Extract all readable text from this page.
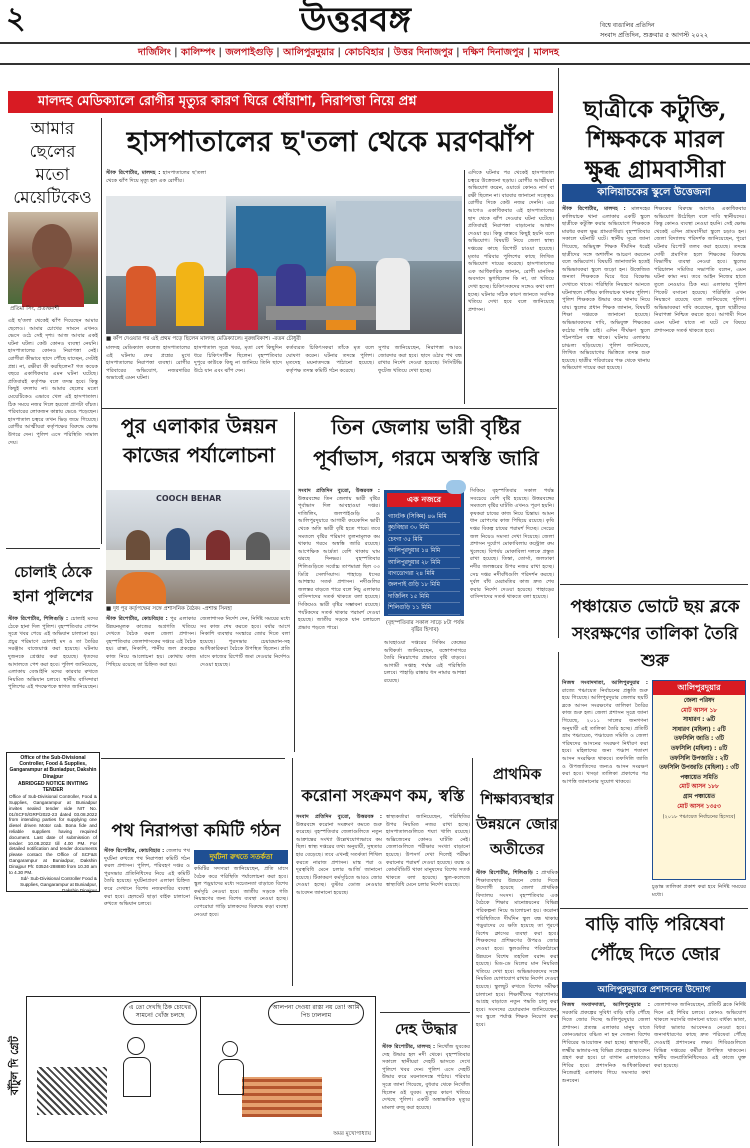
২	উত্তরবঙ্গ	বিশ্বে বাঙালির প্রতিদিন
সংবাদ প্রতিদিন, শুক্রবার ৫ আগস্ট ২০২২
দার্জিলিং | কালিম্পং | জলপাইগুড়ি | আলিপুরদুয়ার | কোচবিহার | উত্তর দিনাজপুর | দক্ষিণ দিনাজপুর | মালদহ
মালদহ মেডিক্যালে রোগীর মৃত্যুর কারণ ঘিরে ধোঁয়াশা, নিরাপত্তা নিয়ে প্রশ্ন	ছাত্রীকে কটুক্তি, শিক্ষককে মারল ক্ষুব্ধ গ্রামবাসীরা
কালিয়াচকের স্কুলে উত্তেজনা
স্টাফ রিপোর্টার, মালদহ : মালদহের কালিয়াচক থানা এলাকার একটি স্কুলে ছাত্রীকে কটুক্তি করার অভিযোগে শিক্ষককে মারধর করল ক্ষুব্ধ গ্রামবাসীরা। বৃহস্পতিবার সকালে ঘটনাটি ঘটে। স্থানীয় সূত্রে জানা গিয়েছে, অভিযুক্ত শিক্ষক দীর্ঘদিন ধরেই ছাত্রীদের সঙ্গে অশালীন আচরণ করতেন বলে অভিযোগ। বিষয়টি জানাজানি হতেই অভিভাবকরা স্কুলে জড়ো হন। উত্তেজিত জনতা শিক্ষককে ঘিরে ধরে বিক্ষোভ দেখাতে থাকে। পরিস্থিতি নিয়ন্ত্রণে আনতে ঘটনাস্থলে পৌঁছয় কালিয়াচক থানার পুলিশ। পুলিশ শিক্ষককে উদ্ধার করে থানায় নিয়ে যায়। স্কুলের প্রধান শিক্ষক জানান, বিষয়টি শিক্ষা দপ্তরকে জানানো হয়েছে। অভিভাবকদের দাবি, অভিযুক্ত শিক্ষকের কঠোর শাস্তি চাই। এদিন দীর্ঘক্ষণ স্কুলে পঠনপাঠন বন্ধ থাকে। ঘটনায় এলাকায় চাঞ্চল্য ছড়িয়েছে। পুলিশ জানিয়েছে, লিখিত অভিযোগের ভিত্তিতে তদন্ত শুরু হয়েছে। ছাত্রীর পরিবারের পক্ষ থেকে থানায় অভিযোগ দায়ের করা হয়েছে।
শিক্ষকের বিরুদ্ধে আগেও একাধিকবার অভিযোগ উঠেছিল বলে দাবি স্থানীয়দের। কিন্তু কোনও ব্যবস্থা নেওয়া হয়নি। সেই ক্ষোভ থেকেই এদিন গ্রামবাসীরা স্কুলে চড়াও হন। জেলা বিদ্যালয় পরিদর্শক জানিয়েছেন, পুরো ঘটনার রিপোর্ট তলব করা হয়েছে। তদন্তে দোষী প্রমাণিত হলে শিক্ষকের বিরুদ্ধে বিভাগীয় ব্যবস্থা নেওয়া হবে। স্কুলের পরিচালন সমিতির সভাপতি বলেন, এমন ঘটনা কাম্য নয়। তবে আইন নিজের হাতে তুলে নেওয়াও ঠিক নয়। এলাকায় পুলিশ পিকেট বসানো হয়েছে। পরিস্থিতি এখন নিয়ন্ত্রণে রয়েছে বলে জানিয়েছে পুলিশ। অভিভাবকরা দাবি করেছেন, স্কুলে ছাত্রীদের নিরাপত্তা নিশ্চিত করতে হবে। আগামী দিনে এমন ঘটনা যাতে না ঘটে সে বিষয়ে প্রশাসনকে সতর্ক থাকতে হবে।
আমার ছেলের মতো মেয়েটিকেও
প্রতিমা সিং, প্রত্যক্ষদর্শী
এই ছ'তলা থেকেই ঝাঁপ দিয়েছেন আমার ছেলেও। আমার চোখের সামনে এখনও ভেসে ওঠে সেই দৃশ্য। আজ আবার একই ঘটনা ঘটল। কেউ কোনও ব্যবস্থা নেয়নি। হাসপাতালের কোনও নিরাপত্তা নেই। রোগীরা কীভাবে ছাদে পৌঁছে যাচ্ছেন, সেটাই প্রশ্ন। না, রক্ষীরা কী করছিলেন? গত কয়েক বছরে একাধিকবার এমন ঘটনা ঘটেছে। প্রতিবারই কর্তৃপক্ষ বলে তদন্ত হবে। কিন্তু কিছুই বদলায় না। আমার ছেলের মতো মেয়েটিকেও এভাবে খেল এই হাসপাতাল। ঠিক সময়ে নজর দিলে হয়তো প্রাণটা বাঁচত। পরিবারের লোকজন কান্নায় ভেঙে পড়েছেন। হাসপাতাল চত্বরে তখন ভিড় জমে গিয়েছে। রোগীর আত্মীয়রা কর্তৃপক্ষের বিরুদ্ধে ক্ষোভ উগরে দেন। পুলিশ এসে পরিস্থিতি সামাল দেয়।
হাসপাতালের ছ'তলা থেকে মরণঝাঁপ
স্টাফ রিপোর্টার, মালদহ : হাসপাতালের ছ'তলা থেকে ঝাঁপ দিয়ে মৃত্যু হল এক রোগীর।
■ কাঁপ দেওয়ার পর এই প্রথম পড়ে ছিলেন মালদহ মেডিক্যালে। নুরুন্নবিকাশ। -রতন চৌধুরী
মালদহ মেডিক্যাল কলেজ হাসপাতালের এই ঘটনায় ফের প্রশ্নের মুখে হাসপাতালের নিরাপত্তা ব্যবস্থা। রোগীর পরিবারের অভিযোগ, নজরদারির অভাবেই এমন ঘটনা।
হাসপাতাল সূত্রে খবর, মৃতা বেশ কিছুদিন ধরে চিকিৎসাধীন ছিলেন। বৃহস্পতিবার দুপুরে কাউকে কিছু না জানিয়ে তিনি ছাদে উঠে যান এবং ঝাঁপ দেন।
কর্তব্যরত চিকিৎসকরা তাঁকে মৃত বলে ঘোষণা করেন। ঘটনার তদন্তে পুলিশ। মৃতদেহ ময়নাতদন্তে পাঠানো হয়েছে। কর্তৃপক্ষ তদন্ত কমিটি গঠন করেছে।
সুপার জানিয়েছেন, নিরাপত্তা আরও জোরদার করা হবে। ছাদে ওঠার পথ বন্ধ রাখার নির্দেশ দেওয়া হয়েছে। সিসিটিভি ফুটেজ খতিয়ে দেখা হচ্ছে।
এদিকে ঘটনার পর থেকেই হাসপাতাল চত্বরে উত্তেজনা ছড়ায়। রোগীর আত্মীয়রা অভিযোগ করেন, ওয়ার্ডে কোনও নার্স বা রক্ষী ছিলেন না। বারবার জানানো সত্ত্বেও রোগীর দিকে কেউ নজর দেননি। এর আগেও একাধিকবার এই হাসপাতালের ছাদ থেকে ঝাঁপ দেওয়ার ঘটনা ঘটেছে। প্রতিবারই নিরাপত্তা বাড়ানোর আশ্বাস দেওয়া হয়। কিন্তু বাস্তবে কিছুই হয়নি বলে অভিযোগ। বিষয়টি নিয়ে জেলা স্বাস্থ্য দপ্তরের কাছে রিপোর্ট চাওয়া হয়েছে। মৃতার পরিবার পুলিশের কাছে লিখিত অভিযোগ দায়ের করেছে। হাসপাতালের এক আধিকারিক জানান, রোগী মানসিক অবসাদে ভুগছিলেন কি না, তা খতিয়ে দেখা হচ্ছে। চিকিৎসকদের সঙ্গেও কথা বলা হচ্ছে। ঘটনার সঠিক কারণ জানতে সবদিক খতিয়ে দেখা হবে বলে জানিয়েছে প্রশাসন।
পুর এলাকার উন্নয়ন কাজের পর্যালোচনা
COOCH BEHAR
■ দুধ পুর কর্তৃপক্ষের সঙ্গে প্রশাসনিক বৈঠক। -প্রশান্ত সিনহা
স্টাফ রিপোর্টার, কোচবিহার : পুর এলাকার উন্নয়নমূলক কাজের অগ্রগতি খতিয়ে দেখতে বৈঠক করল জেলা প্রশাসন। বৃহস্পতিবার জেলাশাসকের দপ্তরে এই বৈঠক হয়। রাস্তা, নিকাশি, পানীয় জল প্রকল্পের কাজ নিয়ে আলোচনা হয়। কোথায় কাজ পিছিয়ে রয়েছে তা চিহ্নিত করা হয়।
জেলাশাসক নির্দেশ দেন, নির্দিষ্ট সময়ের মধ্যে সব কাজ শেষ করতে হবে। বর্ষার আগে নিকাশি ব্যবস্থার সংস্কারে জোর দিতে বলা হয়েছে। পুরসভার চেয়ারম্যান-সহ আধিকারিকরা বৈঠকে উপস্থিত ছিলেন। প্রতি মাসে কাজের রিপোর্ট জমা দেওয়ার নির্দেশও দেওয়া হয়েছে।
তিন জেলায় ভারী বৃষ্টির পূর্বাভাস, গরমে অস্বস্তি জারি
সংবাদ প্রতিদিন ব্যুরো, উত্তরবঙ্গ : উত্তরবঙ্গের তিন জেলায় ভারী বৃষ্টির পূর্বাভাস দিল আবহাওয়া দপ্তর। দার্জিলিং, জলপাইগুড়ি ও আলিপুরদুয়ারে আগামী কয়েকদিন ভারী থেকে অতি ভারী বৃষ্টি হতে পারে। তবে সমতলে বৃষ্টির পরিমাণ তুলনামূলক কম থাকায় গরমে অস্বস্তি জারি রয়েছে। আপেক্ষিক আর্দ্রতা বেশি থাকায় ঘাম ঝরছে দিনভর। বৃহস্পতিবার শিলিগুড়িতে সর্বোচ্চ তাপমাত্রা ছিল ৩৩ ডিগ্রি সেলসিয়াস। পাহাড়ে ধসের আশঙ্কায় সতর্ক প্রশাসন। নদীগুলির জলস্তর বাড়তে পারে বলে নিচু এলাকার বাসিন্দাদের সতর্ক থাকতে বলা হয়েছে। সিকিমেও ভারী বৃষ্টির সম্ভাবনা রয়েছে। পর্যটকদের সতর্ক থাকার পরামর্শ দেওয়া হয়েছে। জাতীয় সড়কে যান চলাচলে প্রভাব পড়তে পারে।
এক নজরে
গ্যাংটক (সিকিম) ৪৬ মিমি
কুচবিহার ৩০ মিমি
চেংগা ৩৫ মিমি
আলিপুরদুয়ার ১৪ মিমি
আলিপুরদুয়ার ২৮ মিমি
বাগডোগরা ২৪ মিমি
জলপাই গুড়ি ১৮ মিমি
দার্জিলিং ১৫ মিমি
শিলিগুড়ি ১১ মিমি
(বৃহস্পতিবার সকাল সাড়ে ৮টা পর্যন্ত বৃষ্টির হিসাব)
আবহাওয়া দপ্তরের সিকিম কেন্দ্রের অধিকর্তা জানিয়েছেন, বঙ্গোপসাগরে তৈরি নিম্নচাপের প্রভাবে বৃষ্টি বাড়বে। আগামী সপ্তাহ পর্যন্ত এই পরিস্থিতি চলবে। পাহাড়ি রাস্তায় ধস নামার আশঙ্কা রয়েছে।
সিকিমে বৃহস্পতিবার সকাল পর্যন্ত সবচেয়ে বেশি বৃষ্টি হয়েছে। উত্তরবঙ্গের সমতলে বৃষ্টির ঘাটতি এখনও পূরণ হয়নি। কৃষকরা চাষের কাজ নিয়ে চিন্তায়। আমন ধান রোপণের কাজ পিছিয়ে রয়েছে। কৃষি দপ্তর বিকল্প চাষের পরামর্শ দিচ্ছে। সেচের জল নিয়েও সমস্যা দেখা দিয়েছে। জেলা প্রশাসন দুর্যোগ মোকাবিলায় কন্ট্রোল রুম খুলেছে। বিপর্যয় মোকাবিলা দলকে প্রস্তুত রাখা হয়েছে। তিস্তা, তোর্সা, জলঢাকা নদীর জলস্তরের উপর নজর রাখা হচ্ছে। সেচ দপ্তর নদীবাঁধগুলি পরিদর্শন করছে। দুর্বল বাঁধ মেরামতির কাজ দ্রুত শেষ করার নির্দেশ দেওয়া হয়েছে। পাহাড়ের বাসিন্দাদের সতর্ক থাকতে বলা হয়েছে।	পঞ্চায়েত ভোটে ছয় ব্লকে সংরক্ষণের তালিকা তৈরি শুরু
নিজস্ব সংবাদদাতা, আলিপুরদুয়ার : রাজ্যে পঞ্চায়েত নির্বাচনের প্রস্তুতি শুরু হয়ে গিয়েছে। আলিপুরদুয়ার জেলার ছয়টি ব্লকে আসন সংরক্ষণের তালিকা তৈরির কাজ শুরু হল। জেলা প্রশাসন সূত্রে জানা গিয়েছে, ২০১১ সালের জনগণনা অনুযায়ী এই তালিকা তৈরি হচ্ছে। প্রতিটি গ্রাম পঞ্চায়েত, পঞ্চায়েত সমিতি ও জেলা পরিষদের আসনের সংরক্ষণ নির্ধারণ করা হবে। মহিলাদের জন্য পঞ্চাশ শতাংশ আসন সংরক্ষিত থাকবে। তফসিলি জাতি ও উপজাতিদের জন্যও আসন সংরক্ষণ করা হবে। খসড়া তালিকা প্রকাশের পর আপত্তি জানানোর সুযোগ থাকবে।
আলিপুরদুয়ার
জেলা পরিষদ
মোট আসন ১৮
সাধারণ : ৬টি
সাধারণ (মহিলা) : ৫টি
তফসিলি জাতি : ৩টি
তফসিলি (মহিলা) : ৪টি
তফসিলি উপজাতি : ২টি
তফসিলি উপজাতি (মহিলা) : ৩টি
পঞ্চায়েত সমিতি
মোট আসন ১৮৮
গ্রাম পঞ্চায়েত
মোট আসন ১৩৫৩
(২০১৮ পঞ্চায়েত নির্বাচনের হিসেবে)
চূড়ান্ত তালিকা প্রকাশ করা হবে নির্দিষ্ট সময়ের মধ্যে।
চোলাই ঠেকে হানা পুলিশের
স্টাফ রিপোর্টার, শিলিগুড়ি : চোলাই মদের ঠেকে হানা দিল পুলিশ। বৃহস্পতিবার গোপন সূত্রে খবর পেয়ে এই অভিযান চালানো হয়। প্রচুর পরিমাণে চোলাই মদ ও তা তৈরির সরঞ্জাম বাজেয়াপ্ত করা হয়েছে। ঘটনায় দুজনকে গ্রেপ্তার করা হয়েছে। ধৃতদের আদালতে পেশ করা হবে। পুলিশ জানিয়েছে, এলাকায় বেআইনি মদের কারবার রুখতে নিয়মিত অভিযান চলবে। স্থানীয় বাসিন্দারা পুলিশের এই পদক্ষেপকে স্বাগত জানিয়েছেন।
Office of the Sub-Divisional Controller, Food & Supplies, Gangarampur at Buniadpur, Dakshin Dinajpur
ABRIDGED NOTICE INVITING TENDER
Office of Sub-Divisional Controller, Food & Supplies, Gangarampur at Buniadpur invites sealed tender vide NIT No. 01/SCFS/GRP/2022-23 dated 03.08.2022 from intending parties for supplying one diesel driven Motor cab. Bona fide and reliable suppliers having required document. Last date of submission of tender: 10.08.2022 till 4.00 PM. For detailed notification and tender documents please contact the Office of SCF&S Gangarampur at Buniadpur, Dakshin Dinajpur Ph: 03524-288880 from 10.30 am to 4.30 PM.
Sd/- Sub-Divisional Controller Food & Supplies, Gangarampur at Buniadpur, Dakshin Dinajpur
পথ নিরাপত্তা কমিটি গঠন
স্টাফ রিপোর্টার, কোচবিহার : জেলায় পথ দুর্ঘটনা রুখতে পথ নিরাপত্তা কমিটি গঠন করল প্রশাসন। পুলিশ, পরিবহণ দপ্তর ও পুরসভার প্রতিনিধিদের নিয়ে এই কমিটি তৈরি হয়েছে। দুর্ঘটনাপ্রবণ এলাকা চিহ্নিত করে সেখানে বিশেষ নজরদারির ব্যবস্থা করা হবে। হেলমেট ছাড়া বাইক চালানো রুখতে অভিযান চলবে।
দুর্ঘটনা রুখতে সতর্কতা
কমিটির সদস্যরা জানিয়েছেন, প্রতি মাসে বৈঠক করে পরিস্থিতি পর্যালোচনা করা হবে। স্কুল পড়ুয়াদের মধ্যে সচেতনতা বাড়াতে বিশেষ কর্মসূচি নেওয়া হবে। জাতীয় সড়কে গতি নিয়ন্ত্রণের জন্য বিশেষ ব্যবস্থা নেওয়া হচ্ছে। বেপরোয়া গাড়ি চালকদের বিরুদ্ধে কড়া ব্যবস্থা নেওয়া হবে।
করোনা সংক্রমণ কম, স্বস্তি
সংবাদ প্রতিদিন ব্যুরো, উত্তরবঙ্গ : উত্তরবঙ্গে করোনা সংক্রমণ কমতে শুরু করেছে। বৃহস্পতিবার জেলাগুলিতে নতুন আক্রান্তের সংখ্যা উল্লেখযোগ্যভাবে কম ছিল। স্বাস্থ্য দপ্তরের তথ্য অনুযায়ী, সুস্থতার হার বেড়েছে। তবে এখনই সতর্কতা শিথিল করতে নারাজ প্রশাসন। মাস্ক পরা ও দূরত্ববিধি মেনে চলার আর্জি জানানো হয়েছে। টিকাকরণ কর্মসূচিতে আরও জোর দেওয়া হচ্ছে। বুস্টার ডোজ নেওয়ার আবেদন জানানো হয়েছে।
স্বাস্থ্যকর্তারা জানিয়েছেন, পরিস্থিতির উপর নিয়মিত নজর রাখা হচ্ছে। হাসপাতালগুলিতে শয্যা খালি রয়েছে। অক্সিজেনের কোনও ঘাটতি নেই। জেলাগুলিতে পরীক্ষার সংখ্যা বাড়ানো হয়েছে। উপসর্গ দেখা দিলেই পরীক্ষা করানোর পরামর্শ দেওয়া হয়েছে। বয়স্ক ও কোমর্বিডিটি থাকা মানুষদের বিশেষ সতর্ক থাকতে বলা হয়েছে। স্কুল-কলেজে স্বাস্থ্যবিধি মেনে চলার নির্দেশ রয়েছে।
প্রাথমিক শিক্ষাব্যবস্থার উন্নয়নে জোর অতীতের
স্টাফ রিপোর্টার, শিলিগুড়ি : প্রাথমিক শিক্ষাব্যবস্থার উন্নয়নে জোর দিতে উদ্যোগী হয়েছে জেলা প্রাথমিক বিদ্যালয় সংসদ। বৃহস্পতিবার এক বৈঠকে শিক্ষার মানোন্নয়নের বিভিন্ন পরিকল্পনা নিয়ে আলোচনা হয়। করোনা পরিস্থিতিতে দীর্ঘদিন স্কুল বন্ধ থাকায় পড়ুয়াদের যে ক্ষতি হয়েছে তা পূরণে বিশেষ ক্লাসের ব্যবস্থা করা হবে। শিক্ষকদের প্রশিক্ষণের উপরও জোর দেওয়া হবে। স্কুলগুলির পরিকাঠামো উন্নয়নে বিশেষ তহবিল বরাদ্দ করা হয়েছে। মিড-ডে মিলের মান নিয়মিত খতিয়ে দেখা হবে। অভিভাবকদের সঙ্গে নিয়মিত যোগাযোগ রাখার নির্দেশ দেওয়া হয়েছে। স্কুলছুট রুখতে বিশেষ সমীক্ষা চালানো হবে। শিক্ষার্থীদের পড়াশোনায় আগ্রহ বাড়াতে নতুন পদ্ধতি চালু করা হবে। সংসদের চেয়ারম্যান জানিয়েছেন, সব স্কুলে পর্যাপ্ত শিক্ষক নিয়োগ করা হবে।
বাড়ি বাড়ি পরিষেবা পৌঁছে দিতে জোর
আলিপুরদুয়ারে প্রশাসনের উদ্যোগ
নিজস্ব সংবাদদাতা, আলিপুরদুয়ার : সরকারি প্রকল্পের সুবিধা বাড়ি বাড়ি পৌঁছে দিতে জোর দিচ্ছে আলিপুরদুয়ার জেলা প্রশাসন। প্রত্যন্ত এলাকার মানুষ যাতে কোনওভাবে বঞ্চিত না হন সেজন্য বিশেষ শিবিরের আয়োজন করা হচ্ছে। স্বাস্থ্যসাথী, লক্ষ্মীর ভান্ডার-সহ বিভিন্ন প্রকল্পের আবেদন গ্রহণ করা হবে। চা বাগান এলাকাতেও শিবির হবে। প্রশাসনিক আধিকারিকরা নিজেরাই এলাকায় গিয়ে সমস্যার কথা শুনবেন।
জেলাশাসক জানিয়েছেন, প্রতিটি ব্লকে নির্দিষ্ট দিনে এই শিবির চলবে। কোনও অভিযোগ থাকলে সরাসরি জানানো যাবে। বার্ধক্য ভাতা, বিধবা ভাতার আবেদনও নেওয়া হবে। জনসাধারণের কাছে দ্রুত পরিষেবা পৌঁছে দেওয়াই প্রশাসনের লক্ষ্য। শিবিরগুলিতে বিভিন্ন দপ্তরের কর্মীরা উপস্থিত থাকবেন। স্থানীয় জনপ্রতিনিধিদেরও এই কাজে যুক্ত করা হয়েছে।
দেহ উদ্ধার
স্টাফ রিপোর্টার, মালদহ : নিখোঁজ যুবকের দেহ উদ্ধার হল নদী থেকে। বৃহস্পতিবার সকালে স্থানীয়রা দেহটি ভাসতে দেখে পুলিশে খবর দেন। পুলিশ এসে দেহটি উদ্ধার করে ময়নাতদন্তে পাঠায়। পরিবার সূত্রে জানা গিয়েছে, বুধবার থেকে নিখোঁজ ছিলেন ওই যুবক। মৃত্যুর কারণ খতিয়ে দেখছে পুলিশ। একটি অস্বাভাবিক মৃত্যুর মামলা রুজু করা হয়েছে।
বাঁটুল দি গ্রেট
এ তো দেখছি ঠিক চোখের সামনে! খোঁজ চলছে
আলপনা দেওয়া রাস্তা নয় তো! আমি পিচ ঢাললাম
অমর মুখোপাধ্যায়
